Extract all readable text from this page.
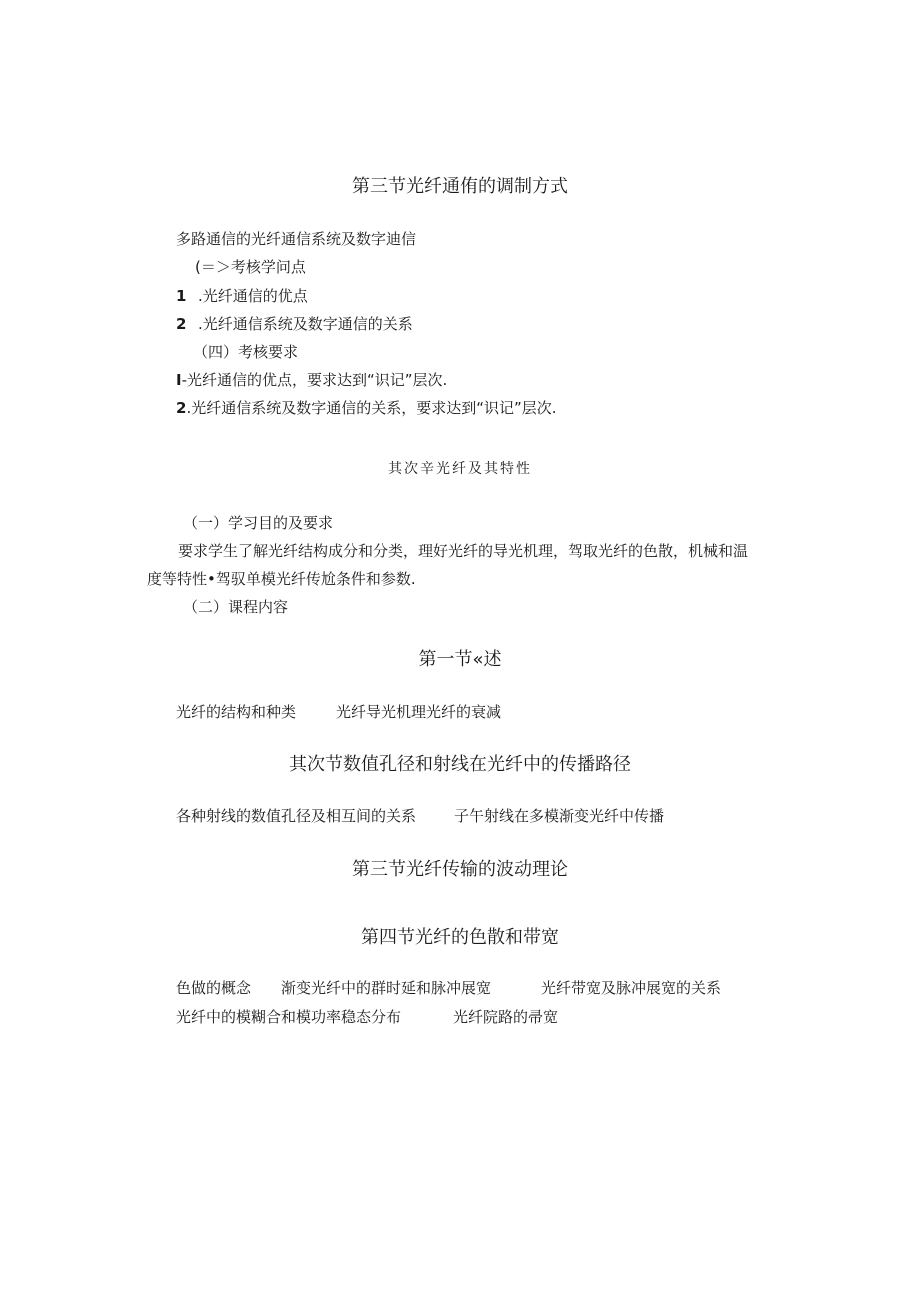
第三节光纤通侑的调制方式
多路通信的光纤通信系统及数字迪信
(＝＞考核学问点
1 .光纤通信的优点
2 .光纤通信系统及数字通信的关系
（四）考核要求
I-光纤通信的优点，要求达到“识记”层次.
2.光纤通信系统及数字通信的关系，要求达到“识记”层次.
其次辛光纤及其特性
（一）学习目的及要求
要求学生了解光纤结构成分和分类，理好光纤的导光机理，驾取光纤的色散，机械和温
度等特性•驾驭单模光纤传尬条件和参数.
（二）课程内容
第一节«述
光纤的结构和种类	光纤导光机理光纤的衰减
其次节数值孔径和射线在光纤中的传播路径
各种射线的数值孔径及相互间的关系	子午射线在多模渐变光纤中传播
第三节光纤传输的波动理论
第四节光纤的色散和带宽
色做的概念 渐变光纤中的群时延和脉冲展宽	光纤带宽及脉冲展宽的关系
光纤中的模糊合和模功率稳态分布	光纤院路的帚宽
